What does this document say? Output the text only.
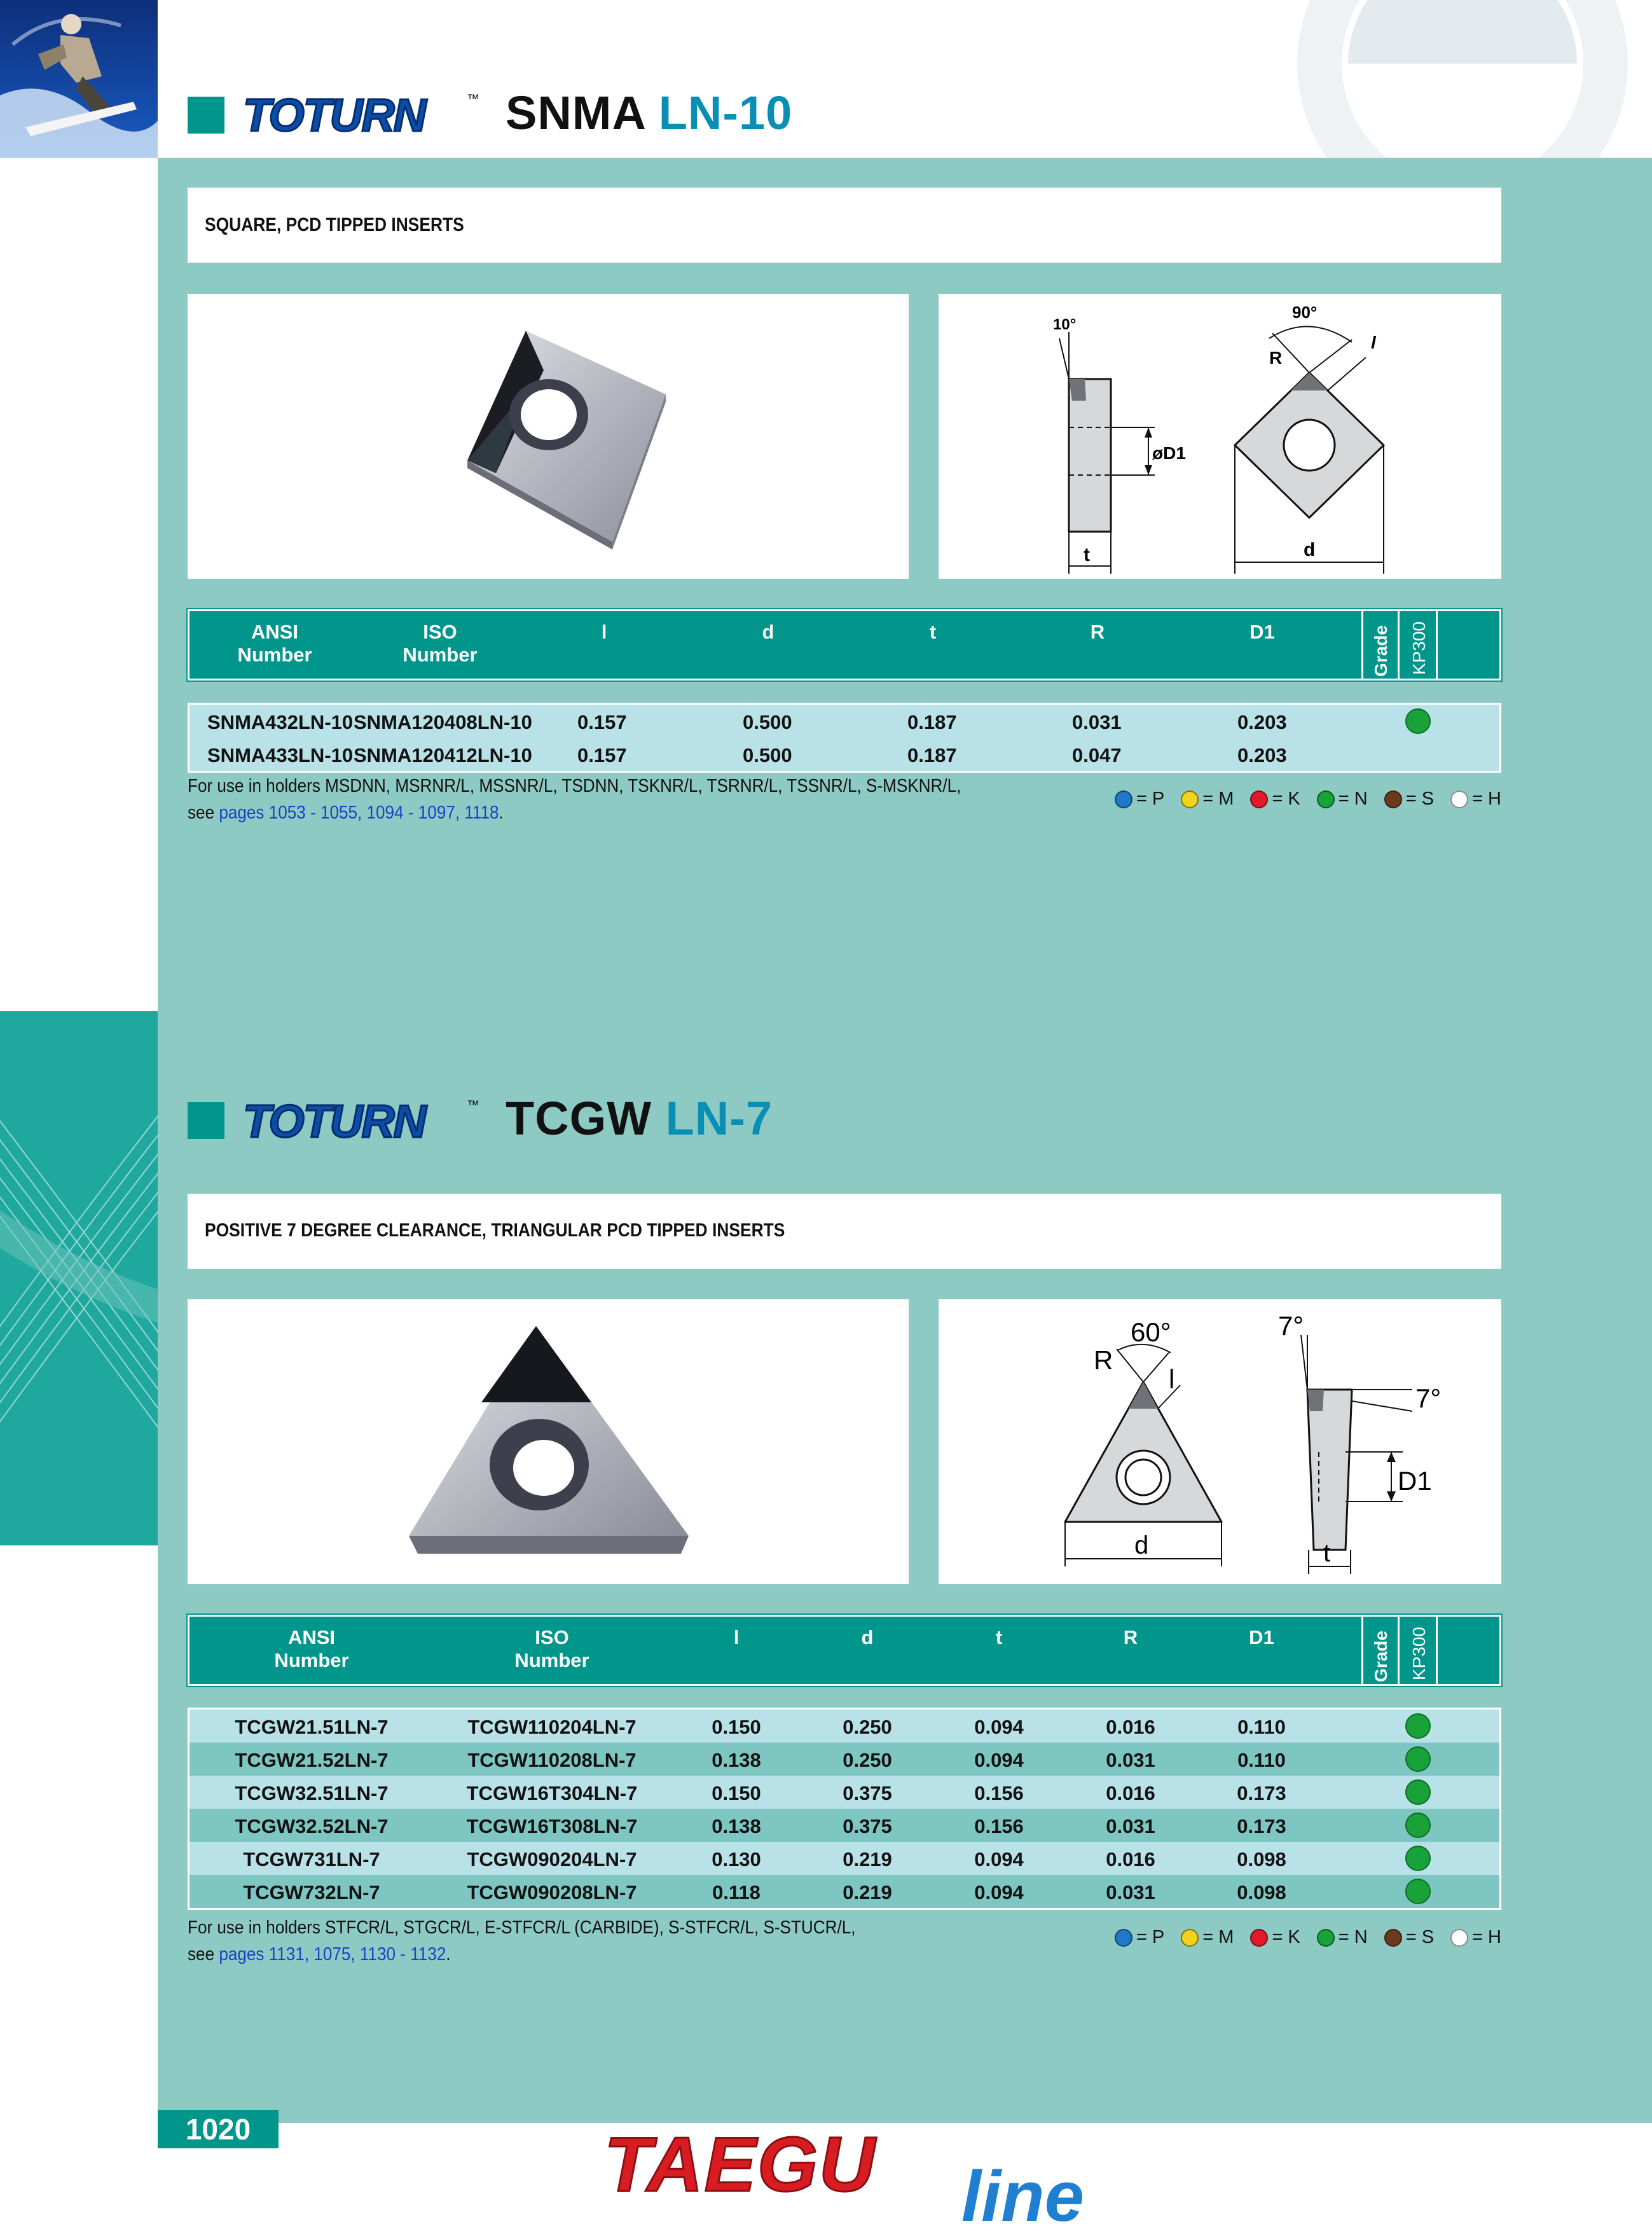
TOTURN	™ SNMA LN-10
SQUARE, PCD TIPPED INSERTS
øD1
t
10°
d
90°
R
l
ANSI
Number
ISO
Number
l	d	t	R	D1	Grade KP300
SNMA432LN-10 SNMA120408LN-10 0.157	0.500	0.187	0.031	0.203
SNMA433LN-10 SNMA120412LN-10 0.157	0.500	0.187	0.047	0.203
For use in holders MSDNN, MSRNR/L, MSSNR/L, TSDNN, TSKNR/L, TSRNR/L, TSSNR/L, S-MSKNR/L,
see pages 1053 - 1055, 1094 - 1097, 1118.
= P = M = K = N = S = H
TOTURN	™ TCGW LN-7
POSITIVE 7 DEGREE CLEARANCE, TRIANGULAR PCD TIPPED INSERTS
d
60°
R
l
7°
7°
D1
t
ANSI
Number
ISO
Number
l	d	t	R	D1	Grade KP300
TCGW21.51LN-7	TCGW110204LN-7	0.150	0.250	0.094	0.016	0.110
TCGW21.52LN-7	TCGW110208LN-7	0.138	0.250	0.094	0.031	0.110
TCGW32.51LN-7	TCGW16T304LN-7	0.150	0.375	0.156	0.016	0.173
TCGW32.52LN-7	TCGW16T308LN-7	0.138	0.375	0.156	0.031	0.173
TCGW731LN-7	TCGW090204LN-7	0.130	0.219	0.094	0.016	0.098
TCGW732LN-7	TCGW090208LN-7	0.118	0.219	0.094	0.031	0.098
For use in holders STFCR/L, STGCR/L, E-STFCR/L (CARBIDE), S-STFCR/L, S-STUCR/L,
see pages 1131, 1075, 1130 - 1132.
= P = M = K = N = S = H
1020	TAEGU line
